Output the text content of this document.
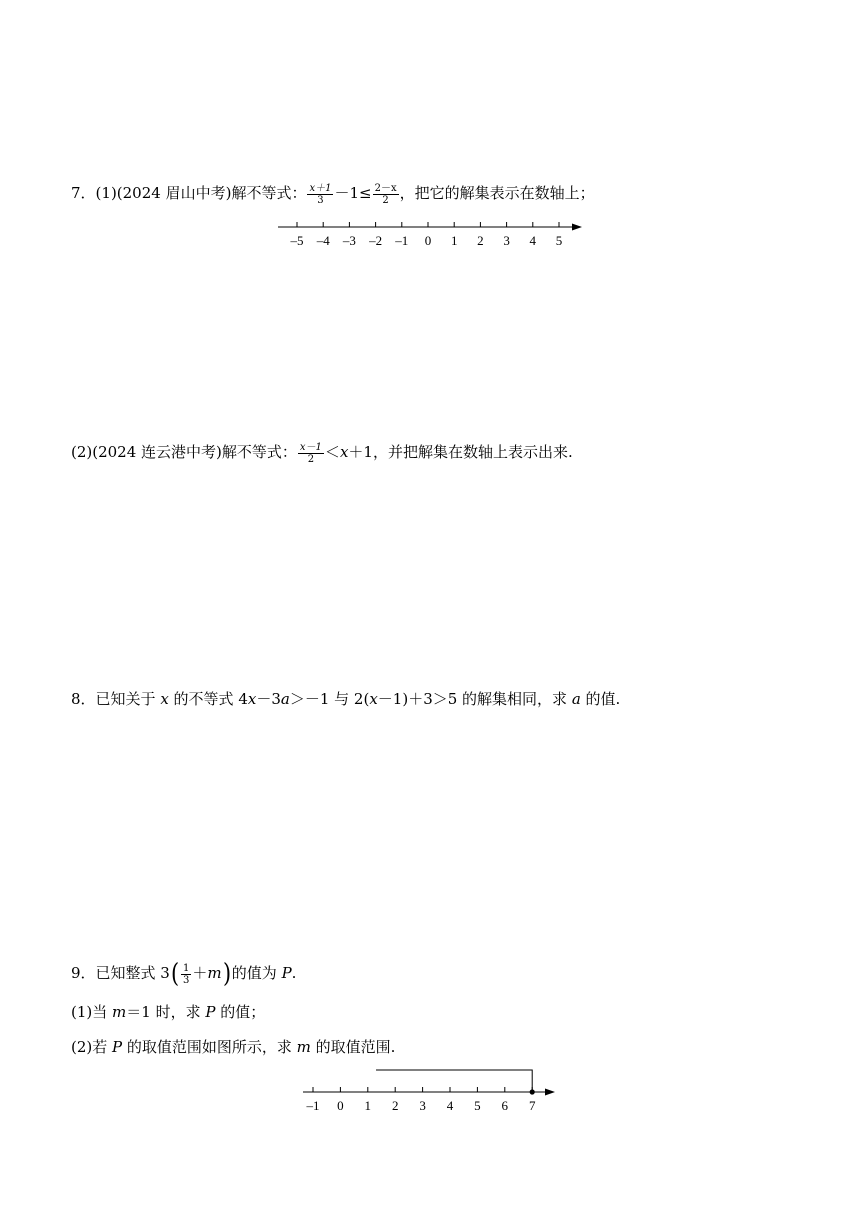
7．(1)(2024 眉山中考)解不等式： $\frac{x+1}{3} -1\le \frac{2-x}{2}$ ，把它的解集表示在数轴上；
–5 –4 –3 –2 –1 0 1 2 3 4 5
(2)(2024 连云港中考)解不等式： $\frac{x-1}{2} <x+1$，并把解集在数轴上表示出来.
8．已知关于 x 的不等式 4x－3a＞－1 与 2(x－1)＋3＞5 的解集相同，求 a 的值.
9．已知整式 $3( \frac{1}{3} +m)$的值为 P.
(1)当 m＝1 时，求 P 的值；
(2)若 P 的取值范围如图所示，求 m 的取值范围.
–1 0 1 2 3 4 5 6 7
